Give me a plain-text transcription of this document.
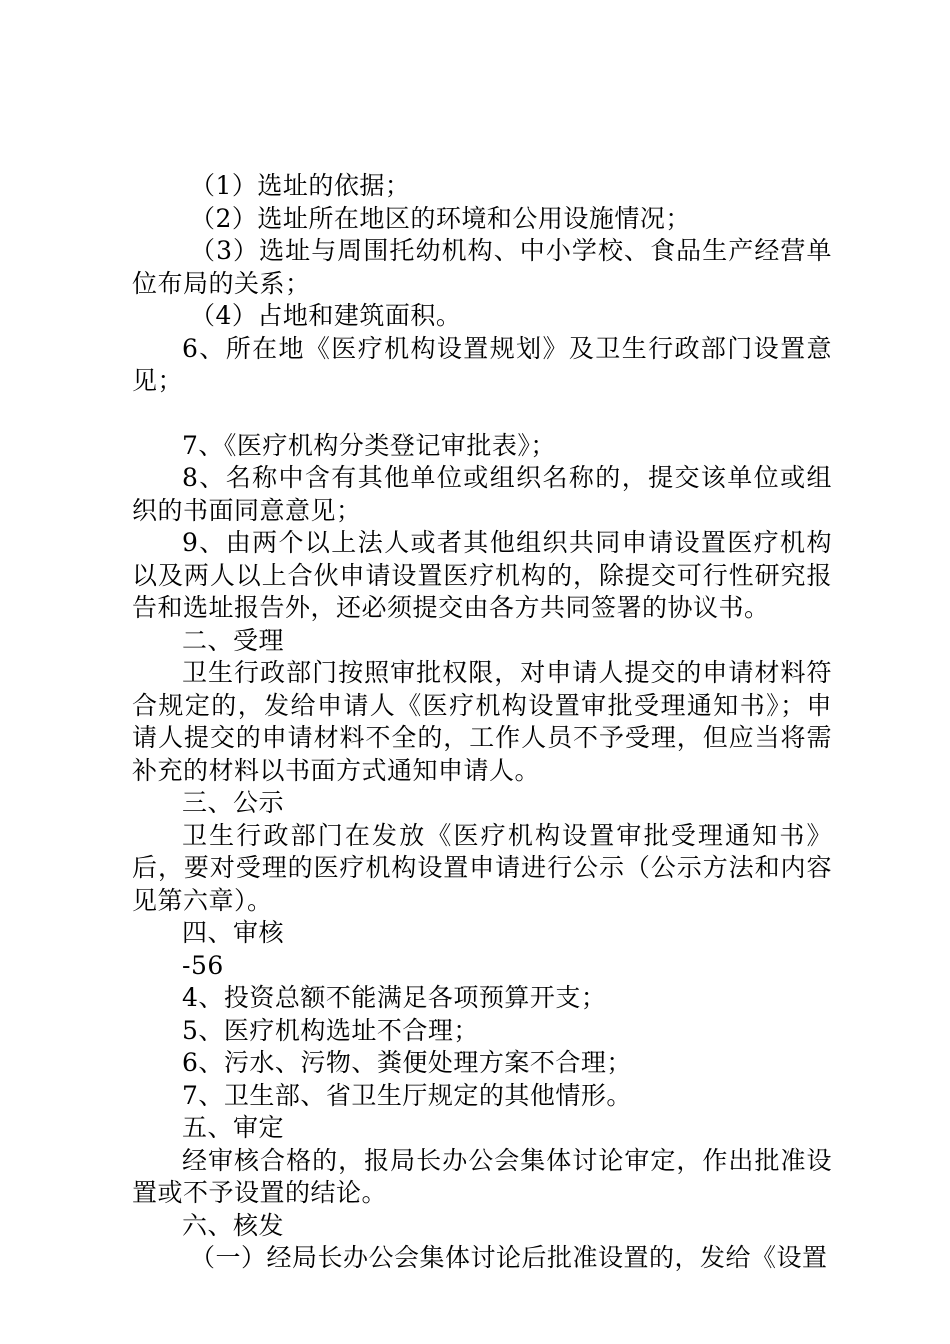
（1）选址的依据；
（2）选址所在地区的环境和公用设施情况；
（3）选址与周围托幼机构、中小学校、食品生产经营单位布局的关系；
（4）占地和建筑面积。
6、所在地《医疗机构设置规划》及卫生行政部门设置意见；
7、《医疗机构分类登记审批表》；
8、名称中含有其他单位或组织名称的，提交该单位或组织的书面同意意见；
9、由两个以上法人或者其他组织共同申请设置医疗机构以及两人以上合伙申请设置医疗机构的，除提交可行性研究报告和选址报告外，还必须提交由各方共同签署的协议书。
二、受理
卫生行政部门按照审批权限，对申请人提交的申请材料符合规定的，发给申请人《医疗机构设置审批受理通知书》；申请人提交的申请材料不全的，工作人员不予受理，但应当将需补充的材料以书面方式通知申请人。
三、公示
卫生行政部门在发放《医疗机构设置审批受理通知书》后，要对受理的医疗机构设置申请进行公示（公示方法和内容见第六章）。
四、审核
-56
4、投资总额不能满足各项预算开支；
5、医疗机构选址不合理；
6、污水、污物、粪便处理方案不合理；
7、卫生部、省卫生厅规定的其他情形。
五、审定
经审核合格的，报局长办公会集体讨论审定，作出批准设置或不予设置的结论。
六、核发
（一）经局长办公会集体讨论后批准设置的，发给《设置
